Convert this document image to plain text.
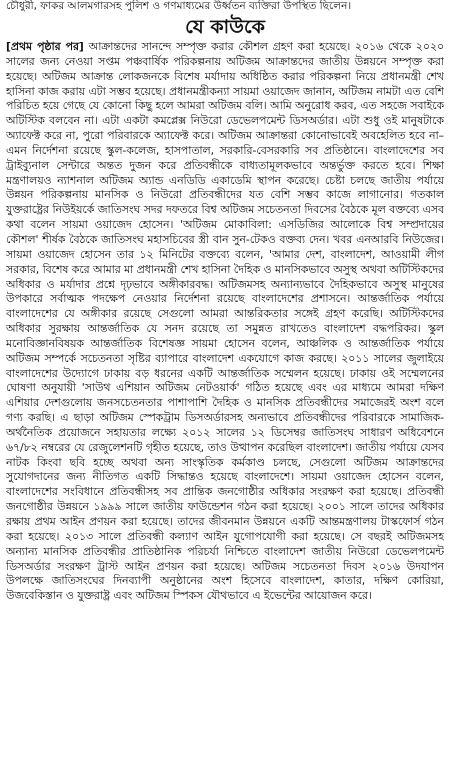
চৌধুরী, ফাকর আলমগারসহ পুলিশ ও গণমাধ্যমের উর্ধ্বতন ব্যক্তিরা উপস্থিত ছিলেন।
যে কাউকে
[প্রথম পৃষ্ঠার পর] আক্রান্তদের সানন্দে সম্পৃক্ত করার কৌশল গ্রহণ করা হয়েছে। ২০১৬ থেকে ২০২০ সালের জন্য নেওয়া সপ্তম পঞ্চবার্ষিক পরিকল্পনায় অটিজম আক্রান্তদের জাতীয় উন্নয়নে সম্পৃক্ত করা হয়েছে। অটিজম আক্রান্ত লোকজনকে বিশেষ মর্যাদায় অধিষ্ঠিত করার পরিকল্পনা নিয়ে প্রধানমন্ত্রী শেখ হাসিনা কাজ করায় এটা সম্ভব হয়েছে। প্রধানমন্ত্রীকন্যা সায়মা ওয়াজেদ জানান, অটিজম নামটা এত বেশি পরিচিত হয়ে গেছে যে কোনো কিছু হলে আমরা অটিজম বলি। আমি অনুরোধ করব, এত সহজে সবাইকে অটিস্টিক বলবেন না। এটা একটা কমপ্লেক্স নিউরো ডেভেলপমেন্ট ডিসঅর্ডার। এটা শুধু ওই মানুষটাকে অ্যাফেক্ট করে না, পুরো পরিবারকে অ্যাফেক্ট করে। অটিজম আক্রান্তরা কোনোভাবেই অবহেলিত হবে না– এমন নির্দেশনা রয়েছে স্কুল-কলেজ, হাসপাতাল, সরকারি-বেসরকারি সব প্রতিষ্ঠানে। বাংলাদেশের সব ট্রাইব্যুনাল সেন্টারে অন্তত দুজন করে প্রতিবন্ধীকে বাধ্যতামূলকভাবে অন্তর্ভুক্ত করতে হবে। শিক্ষা মন্ত্রণালয়ও ন্যাশনাল অটিজম অ্যান্ড এনডিডি একাডেমি স্থাপন করেছে। চেষ্টা চলছে জাতীয় পর্যায়ে উন্নয়ন পরিকল্পনায় মানসিক ও নিউরো প্রতিবন্ধীদের যত বেশি সম্ভব কাজে লাগানোর। গতকাল যুক্তরাষ্ট্রের নিউইয়র্কে জাতিসংঘ সদর দফতরে বিশ্ব অটিজম সচেতনতা দিবসের বৈঠকে মূল বক্তব্যে এসব কথা বলেন সায়মা ওয়াজেদ হোসেন। 'অটিজম মোকাবিলা: এসডিজির আলোকে বিশ্ব সম্প্রদায়ের কৌশল' শীর্ষক বৈঠকে জাতিসংঘ মহাসচিবের স্ত্রী বান সুন-টেকও বক্তব্য দেন। খবর এনআরবি নিউজের। সায়মা ওয়াজেদ হোসেন তার ১২ মিনিটের বক্তব্যে বলেন, 'আমার দেশ, বাংলাদেশ, আওয়ামী লীগ সরকার, বিশেষ করে আমার মা প্রধানমন্ত্রী শেখ হাসিনা দৈহিক ও মানসিকভাবে অসুস্থ অথবা অটিস্টিকদের অধিকার ও মর্যাদার প্রশ্নে দৃঢ়ভাবে অঙ্গীকারবদ্ধ। অটিজমসহ অন্যান্যভাবে দৈহিকভাবে অসুস্থ মানুষের উপকারে সর্বাত্মক পদক্ষেপ নেওয়ার নির্দেশনা রয়েছে বাংলাদেশের প্রশাসনে। আন্তর্জাতিক পর্যায়ে বাংলাদেশের যে অঙ্গীকার রয়েছে সেগুলো আমরা আন্তরিকতার সঙ্গেই গ্রহণ করেছি। অটিস্টিকদের অধিকার সুরক্ষায় আন্তর্জাতিক যে সনদ রয়েছে তা সমুন্নত রাখতেও বাংলাদেশ বদ্ধপরিকর। স্কুল মনোবিজ্ঞানবিষয়ক আন্তর্জাতিক বিশেষজ্ঞ সায়মা হোসেন বলেন, আঞ্চলিক ও আন্তর্জাতিক পর্যায়ে অটিজম সম্পর্কে সচেতনতা সৃষ্টির ব্যাপারে বাংলাদেশ একযোগে কাজ করছে। ২০১১ সালের জুলাইয়ে বাংলাদেশের উদ্যোগে ঢাকায় বড় ধরনের একটি আন্তর্জাতিক সম্মেলন হয়েছে। ঢাকায় ওই সম্মেলনের ঘোষণা অনুযায়ী 'সাউথ এশিয়ান অটিজম নেটওয়ার্ক' গঠিত হয়েছে এবং এর মাধ্যমে আমরা দক্ষিণ এশিয়ার দেশগুলোয় জনসচেতনতার পাশাপাশি দৈহিক ও মানসিক প্রতিবন্ধীদের সমাজেরই অংশ বলে গণ্য করছি। এ ছাড়া অটিজম স্পেকট্রাম ডিসঅর্ডারসহ অন্যভাবে প্রতিবন্ধীদের পরিবারকে সামাজিক-অর্থনৈতিক প্রয়োজনে সহায়তার লক্ষ্যে ২০১২ সালের ১২ ডিসেম্বর জাতিসংঘ সাধারণ অধিবেশনে ৬৭/৮২ নম্বরের যে রেজুলেশনটি গৃহীত হয়েছে, তাও উত্থাপন করেছিল বাংলাদেশ। জাতীয় পর্যায়ে যেসব নাটক কিংবা ছবি হচ্ছে অথবা অন্য সাংস্কৃতিক কর্মকাণ্ড চলছে, সেগুলো অটিজম আক্রান্তদের সুযোগদানের জন্য নীতিগত একটি সিদ্ধান্তও হয়েছে বাংলাদেশে। সায়মা ওয়াজেদ হোসেন বলেন, বাংলাদেশের সংবিধানে প্রতিবন্ধীসহ সব প্রান্তিক জনগোষ্ঠীর অধিকার সংরক্ষণ করা হয়েছে। প্রতিবন্ধী জনগোষ্ঠীর উন্নয়নে ১৯৯৯ সালে জাতীয় ফাউন্ডেশন গঠন করা হয়েছে। ২০০১ সালে তাদের অধিকার রক্ষায় প্রথম আইন প্রণয়ন করা হয়েছে। তাদের জীবনমান উন্নয়নে একটি আন্তমন্ত্রণালয় টাস্কফোর্স গঠন করা হয়েছে। ২০১৩ সালে প্রতিবন্ধী কল্যাণ আইন যুগোপযোগী করা হয়েছে। সে বছরই অটিজমসহ অন্যান্য মানসিক প্রতিবন্ধীর প্রাতিষ্ঠানিক পরিচর্যা নিশ্চিতে বাংলাদেশ জাতীয় নিউরো ডেভেলপমেন্ট ডিসঅর্ডার সংরক্ষণ ট্রাস্ট আইন প্রণয়ন করা হয়েছে। অটিজম সচেতনতা দিবস ২০১৬ উদযাপন উপলক্ষে জাতিসংঘের দিনব্যাপী অনুষ্ঠানের অংশ হিসেবে বাংলাদেশ, কাতার, দক্ষিণ কোরিয়া, উজবেকিস্তান ও যুক্তরাষ্ট্র এবং অটিজম স্পিকস যৌথভাবে এ ইভেন্টের আয়োজন করে।
